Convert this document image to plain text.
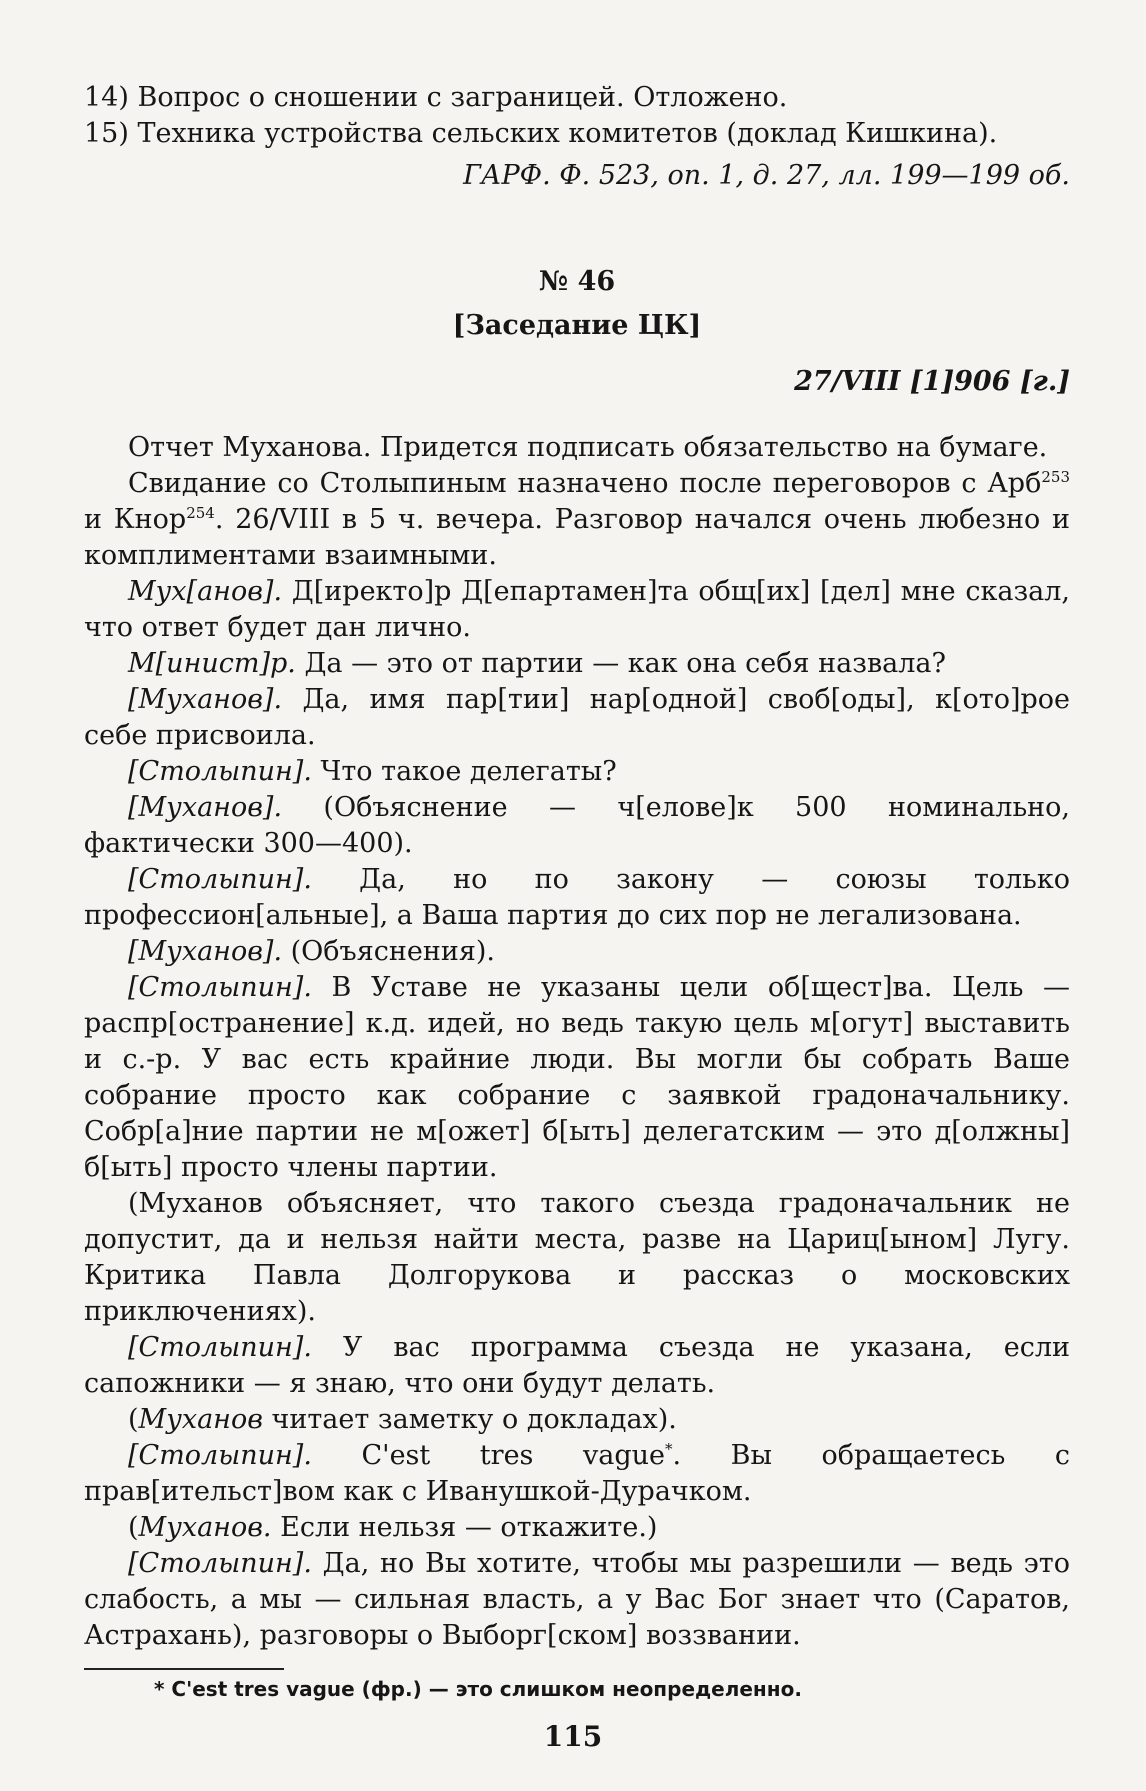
14) Вопрос о сношении с заграницей. Отложено.

15) Техника устройства сельских комитетов (доклад Кишкина).

ГАРФ. Ф. 523, оп. 1, д. 27, лл. 199—199 об.

№ 46

[Заседание ЦК]

27/VIII [1]906 [г.]

Отчет Муханова. Придется подписать обязательство на бумаге.

Свидание со Столыпиным назначено после переговоров с Арб$^{253}$ и Кнор$^{254}$. 26/VIII в 5 ч. вечера. Разговор начался очень любезно и комплиментами взаимными.

Мух[анов]. Д[иректо]р Д[епартамен]та общ[их] [дел] мне сказал, что ответ будет дан лично.

М[инист]р. Да — это от партии — как она себя назвала?

[Муханов]. Да, имя пар[тии] нар[одной] своб[оды], к[ото]рое себе присвоила.

[Столыпин]. Что такое делегаты?

[Муханов]. (Объяснение — ч[елове]к 500 номинально, фактически 300—400).

[Столыпин]. Да, но по закону — союзы только профессион[альные], а Ваша партия до сих пор не легализована.

[Муханов]. (Объяснения).

[Столыпин]. В Уставе не указаны цели об[щест]ва. Цель — распр[остранение] к.д. идей, но ведь такую цель м[огут] выставить и с.-р. У вас есть крайние люди. Вы могли бы собрать Ваше собрание просто как собрание с заявкой градоначальнику. Собр[а]ние партии не м[ожет] б[ыть] делегатским — это д[олжны] б[ыть] просто члены партии.

(Муханов объясняет, что такого съезда градоначальник не допустит, да и нельзя найти места, разве на Цариц[ыном] Лугу. Критика Павла Долгорукова и рассказ о московских приключениях).

[Столыпин]. У вас программа съезда не указана, если сапожники — я знаю, что они будут делать.

(Муханов читает заметку о докладах).

[Столыпин]. C'est tres vague*. Вы обращаетесь с прав[ительст]вом как с Иванушкой-Дурачком.

(Муханов. Если нельзя — откажите.)

[Столыпин]. Да, но Вы хотите, чтобы мы разрешили — ведь это слабость, а мы — сильная власть, а у Вас Бог знает что (Саратов, Астрахань), разговоры о Выборг[ском] воззвании.

* C'est tres vague (фр.) — это слишком неопределенно.

115
